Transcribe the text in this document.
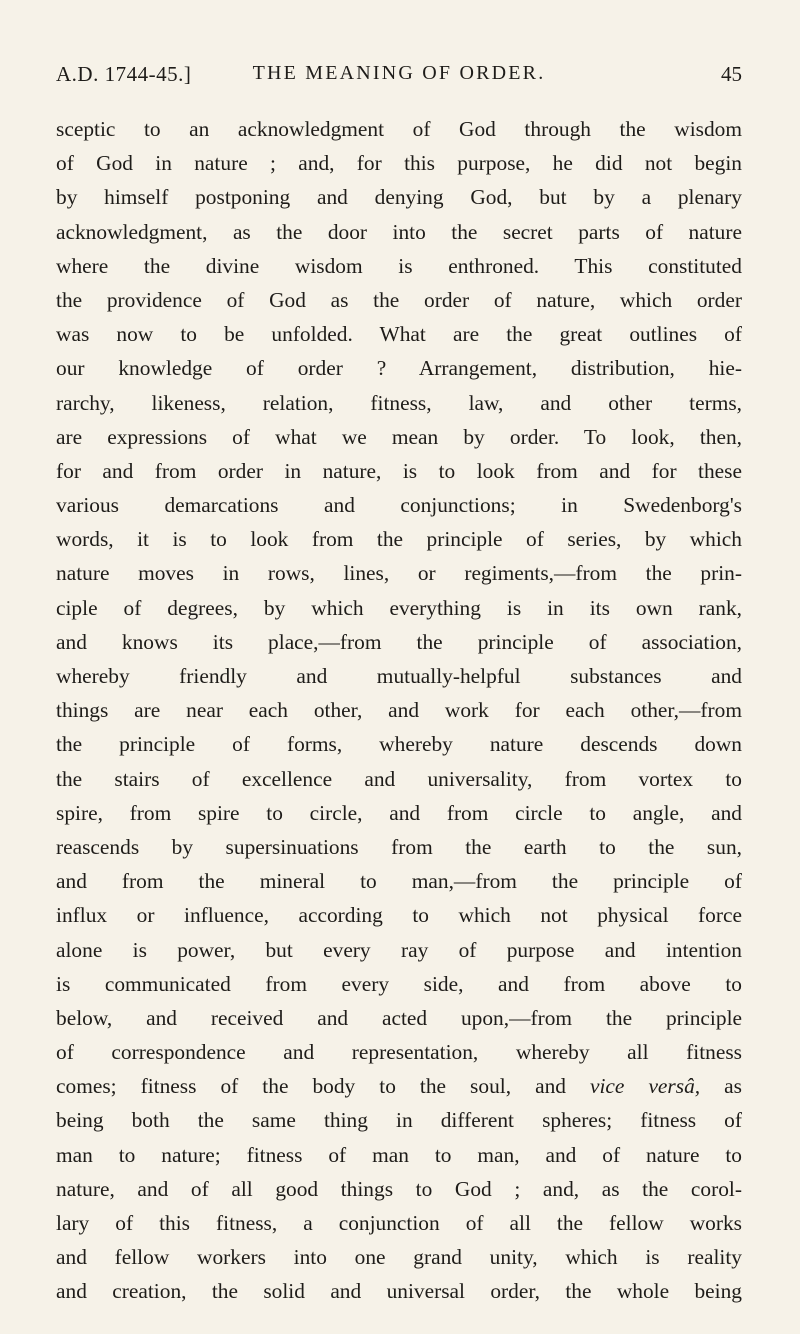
A.D. 1744-45.]	THE MEANING OF ORDER.	45
sceptic to an acknowledgment of God through the wisdom
of God in nature ; and, for this purpose, he did not begin
by himself postponing and denying God, but by a plenary
acknowledgment, as the door into the secret parts of nature
where the divine wisdom is enthroned. This constituted
the providence of God as the order of nature, which order
was now to be unfolded. What are the great outlines of
our knowledge of order ? Arrangement, distribution, hie-
rarchy, likeness, relation, fitness, law, and other terms,
are expressions of what we mean by order. To look, then,
for and from order in nature, is to look from and for these
various demarcations and conjunctions; in Swedenborg's
words, it is to look from the principle of series, by which
nature moves in rows, lines, or regiments,—from the prin-
ciple of degrees, by which everything is in its own rank,
and knows its place,—from the principle of association,
whereby friendly and mutually-helpful substances and
things are near each other, and work for each other,—from
the principle of forms, whereby nature descends down
the stairs of excellence and universality, from vortex to
spire, from spire to circle, and from circle to angle, and
reascends by supersinuations from the earth to the sun,
and from the mineral to man,—from the principle of
influx or influence, according to which not physical force
alone is power, but every ray of purpose and intention
is communicated from every side, and from above to
below, and received and acted upon,—from the principle
of correspondence and representation, whereby all fitness
comes; fitness of the body to the soul, and vice versâ, as
being both the same thing in different spheres; fitness of
man to nature; fitness of man to man, and of nature to
nature, and of all good things to God ; and, as the corol-
lary of this fitness, a conjunction of all the fellow works
and fellow workers into one grand unity, which is reality
and creation, the solid and universal order, the whole being
